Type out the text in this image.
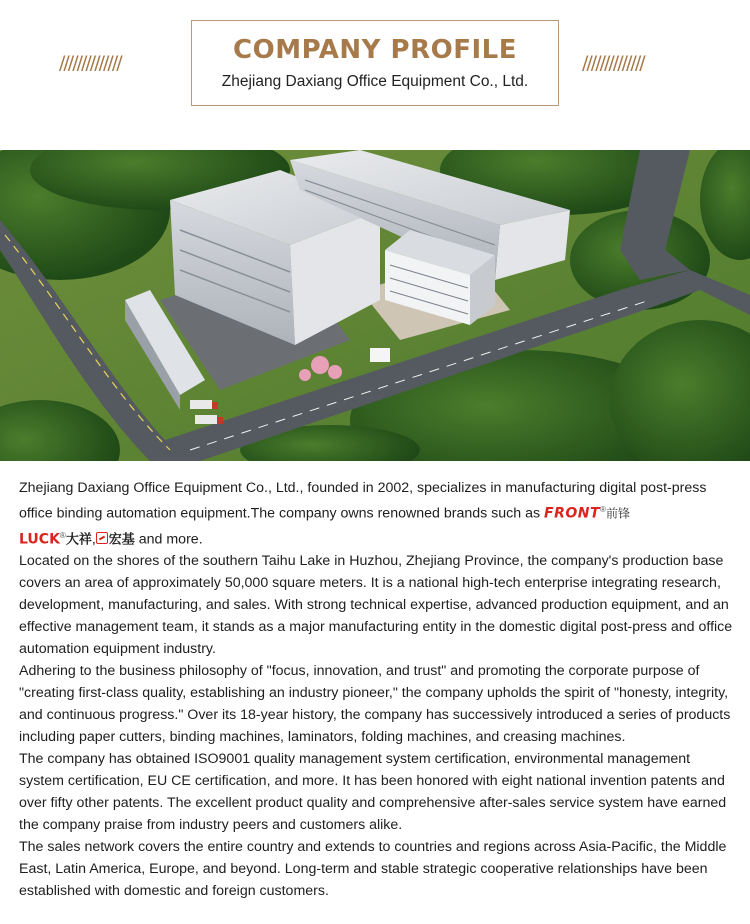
//////////////	COMPANY PROFILE
Zhejiang Daxiang Office Equipment Co., Ltd.
//////////////

Zhejiang Daxiang Office Equipment Co., Ltd., founded in 2002, specializes in manufacturing digital post-press office binding automation equipment.The company owns renowned brands such as FRONT®前锋
LUCK®大祥, 宏基 and more.

Located on the shores of the southern Taihu Lake in Huzhou, Zhejiang Province, the company's production base covers an area of approximately 50,000 square meters. It is a national high-tech enterprise integrating research, development, manufacturing, and sales. With strong technical expertise, advanced production equipment, and an effective management team, it stands as a major manufacturing entity in the domestic digital post-press and office automation equipment industry.

Adhering to the business philosophy of "focus, innovation, and trust" and promoting the corporate purpose of "creating first-class quality, establishing an industry pioneer," the company upholds the spirit of "honesty, integrity, and continuous progress." Over its 18-year history, the company has successively introduced a series of products including paper cutters, binding machines, laminators, folding machines, and creasing machines.

The company has obtained ISO9001 quality management system certification, environmental management system certification, EU CE certification, and more. It has been honored with eight national invention patents and over fifty other patents. The excellent product quality and comprehensive after-sales service system have earned the company praise from industry peers and customers alike.

The sales network covers the entire country and extends to countries and regions across Asia-Pacific, the Middle East, Latin America, Europe, and beyond. Long-term and stable strategic cooperative relationships have been established with domestic and foreign customers.
